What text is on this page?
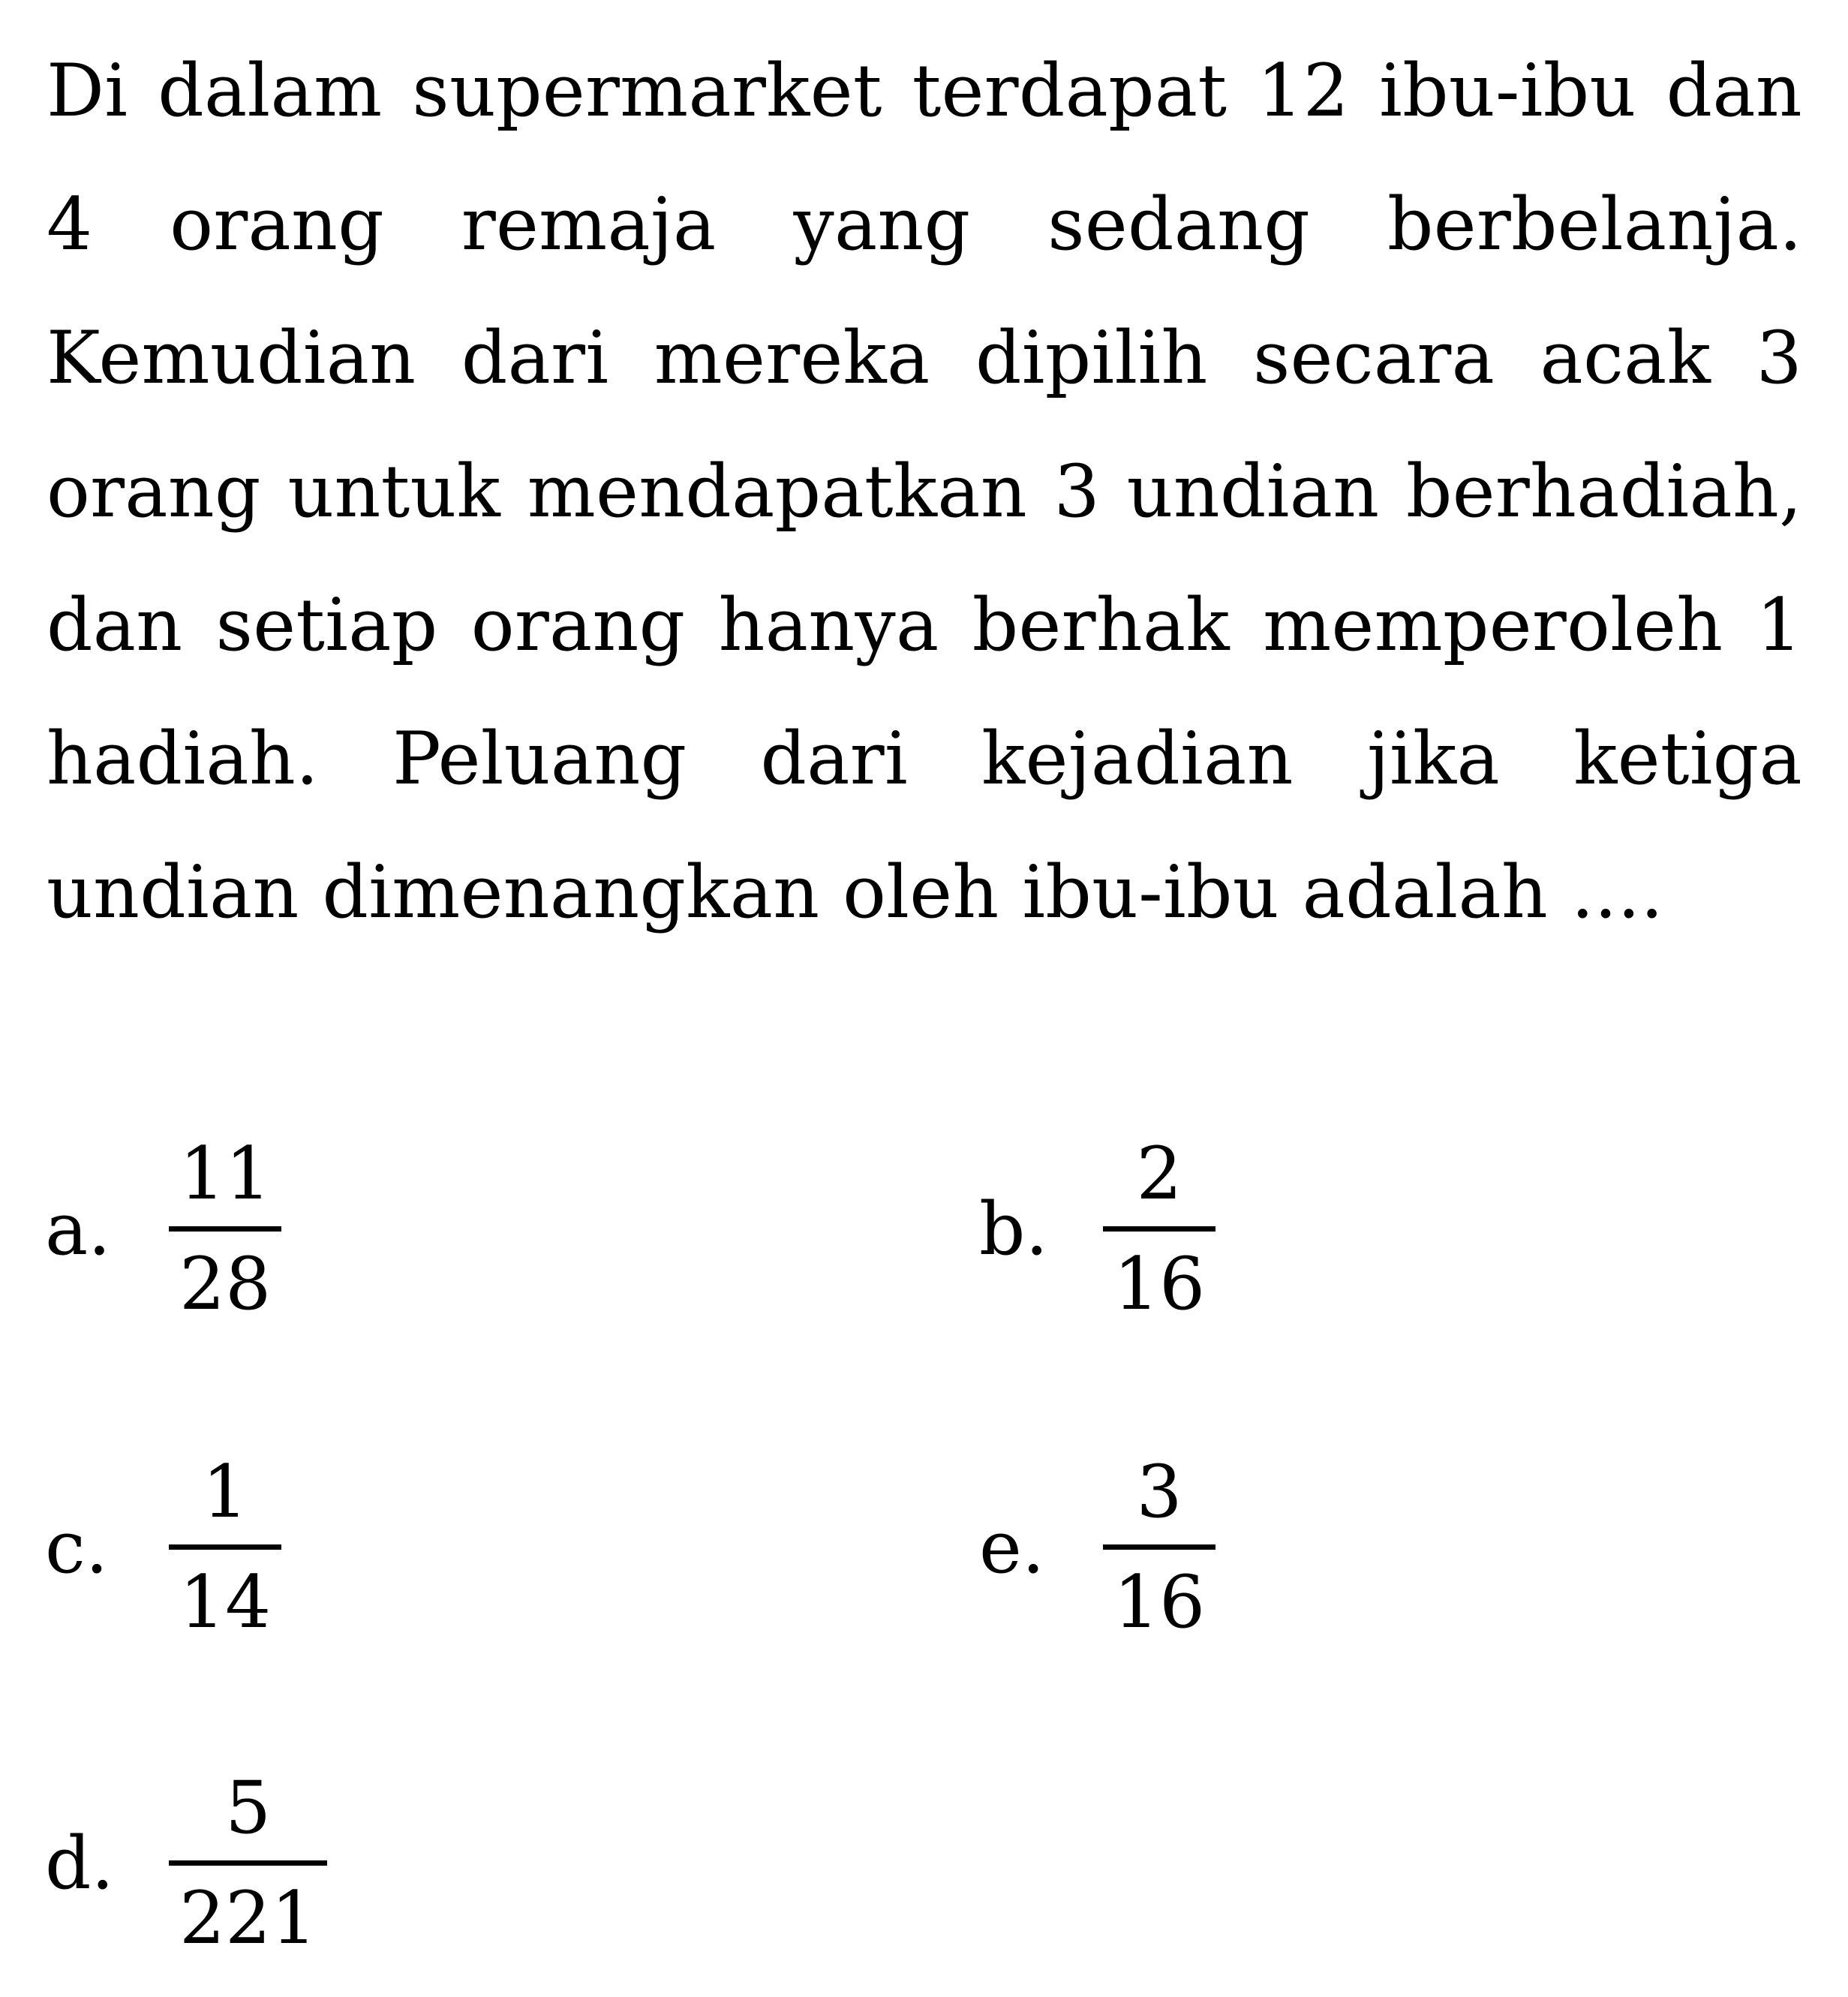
Di dalam supermarket terdapat 12 ibu-ibu dan 4 orang remaja yang sedang berbelanja. Kemudian dari mereka dipilih secara acak 3 orang untuk mendapatkan 3 undian berhadiah, dan setiap orang hanya berhak memperoleh 1 hadiah. Peluang dari kejadian jika ketiga undian dimenangkan oleh ibu-ibu adalah ....

a.
11
28
b.
2
16
c.
1
14
e.
3
16
d.
5
221
